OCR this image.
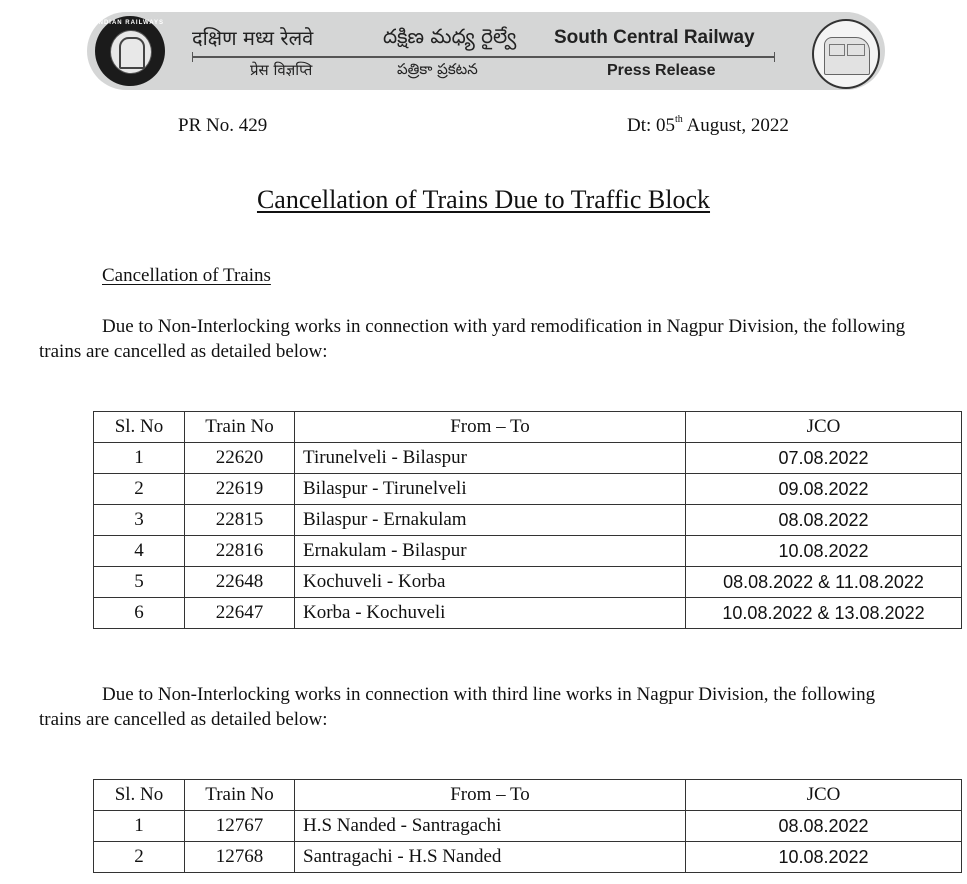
INDIAN RAILWAYS
दक्षिण मध्य रेलवे	దక్షిణ మధ్య రైల్వే South Central Railway
प्रेस विज्ञप्ति	పత్రికా ప్రకటన	Press Release
PR No. 429	Dt: 05th August, 2022
Cancellation of Trains Due to Traffic Block
Cancellation of Trains
Due to Non-Interlocking works in connection with yard remodification in Nagpur Division, the following trains are cancelled as detailed below:
Sl. No	Train No	From – To	JCO
1	22620	Tirunelveli - Bilaspur	07.08.2022
2	22619	Bilaspur - Tirunelveli	09.08.2022
3	22815	Bilaspur - Ernakulam	08.08.2022
4	22816	Ernakulam - Bilaspur	10.08.2022
5	22648	Kochuveli - Korba	08.08.2022 & 11.08.2022
6	22647	Korba - Kochuveli	10.08.2022 & 13.08.2022
Due to Non-Interlocking works in connection with third line works in Nagpur Division, the following trains are cancelled as detailed below:
Sl. No	Train No	From – To	JCO
1	12767	H.S Nanded - Santragachi	08.08.2022
2	12768	Santragachi - H.S Nanded	10.08.2022
